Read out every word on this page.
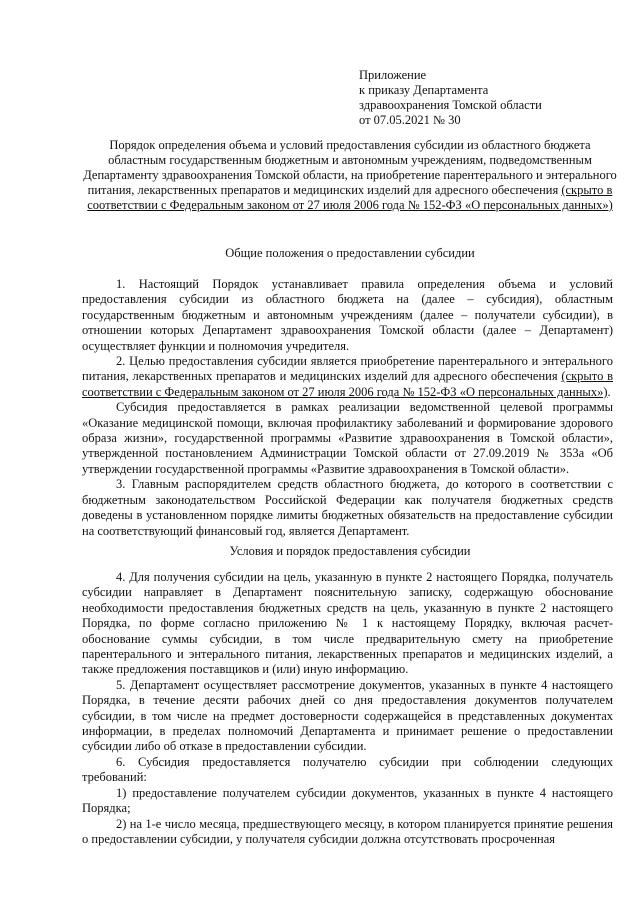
Приложение
к приказу Департамента
здравоохранения Томской области
от 07.05.2021 № 30
Порядок определения объема и условий предоставления субсидии из областного бюджета областным государственным бюджетным и автономным учреждениям, подведомственным Департаменту здравоохранения Томской области, на приобретение парентерального и энтерального питания, лекарственных препаратов и медицинских изделий для адресного обеспечения (скрыто в соответствии с Федеральным законом от 27 июля 2006 года № 152-ФЗ «О персональных данных»)
Общие положения о предоставлении субсидии

1. Настоящий Порядок устанавливает правила определения объема и условий предоставления субсидии из областного бюджета на (далее – субсидия), областным государственным бюджетным и автономным учреждениям (далее – получатели субсидии), в отношении которых Департамент здравоохранения Томской области (далее – Департамент) осуществляет функции и полномочия учредителя.

2. Целью предоставления субсидии является приобретение парентерального и энтерального питания, лекарственных препаратов и медицинских изделий для адресного обеспечения (скрыто в соответствии с Федеральным законом от 27 июля 2006 года № 152-ФЗ «О персональных данных»).

Субсидия предоставляется в рамках реализации ведомственной целевой программы «Оказание медицинской помощи, включая профилактику заболеваний и формирование здорового образа жизни», государственной программы «Развитие здравоохранения в Томской области», утвержденной постановлением Администрации Томской области от 27.09.2019 № 353а «Об утверждении государственной программы «Развитие здравоохранения в Томской области».

3. Главным распорядителем средств областного бюджета, до которого в соответствии с бюджетным законодательством Российской Федерации как получателя бюджетных средств доведены в установленном порядке лимиты бюджетных обязательств на предоставление субсидии на соответствующий финансовый год, является Департамент.

Условия и порядок предоставления субсидии

4. Для получения субсидии на цель, указанную в пункте 2 настоящего Порядка, получатель субсидии направляет в Департамент пояснительную записку, содержащую обоснование необходимости предоставления бюджетных средств на цель, указанную в пункте 2 настоящего Порядка, по форме согласно приложению № 1 к настоящему Порядку, включая расчет-обоснование суммы субсидии, в том числе предварительную смету на приобретение парентерального и энтерального питания, лекарственных препаратов и медицинских изделий, а также предложения поставщиков и (или) иную информацию.

5. Департамент осуществляет рассмотрение документов, указанных в пункте 4 настоящего Порядка, в течение десяти рабочих дней со дня предоставления документов получателем субсидии, в том числе на предмет достоверности содержащейся в представленных документах информации, в пределах полномочий Департамента и принимает решение о предоставлении субсидии либо об отказе в предоставлении субсидии.

6. Субсидия предоставляется получателю субсидии при соблюдении следующих требований:

1) предоставление получателем субсидии документов, указанных в пункте 4 настоящего Порядка;

2) на 1-е число месяца, предшествующего месяцу, в котором планируется принятие решения о предоставлении субсидии, у получателя субсидии должна отсутствовать просроченная
